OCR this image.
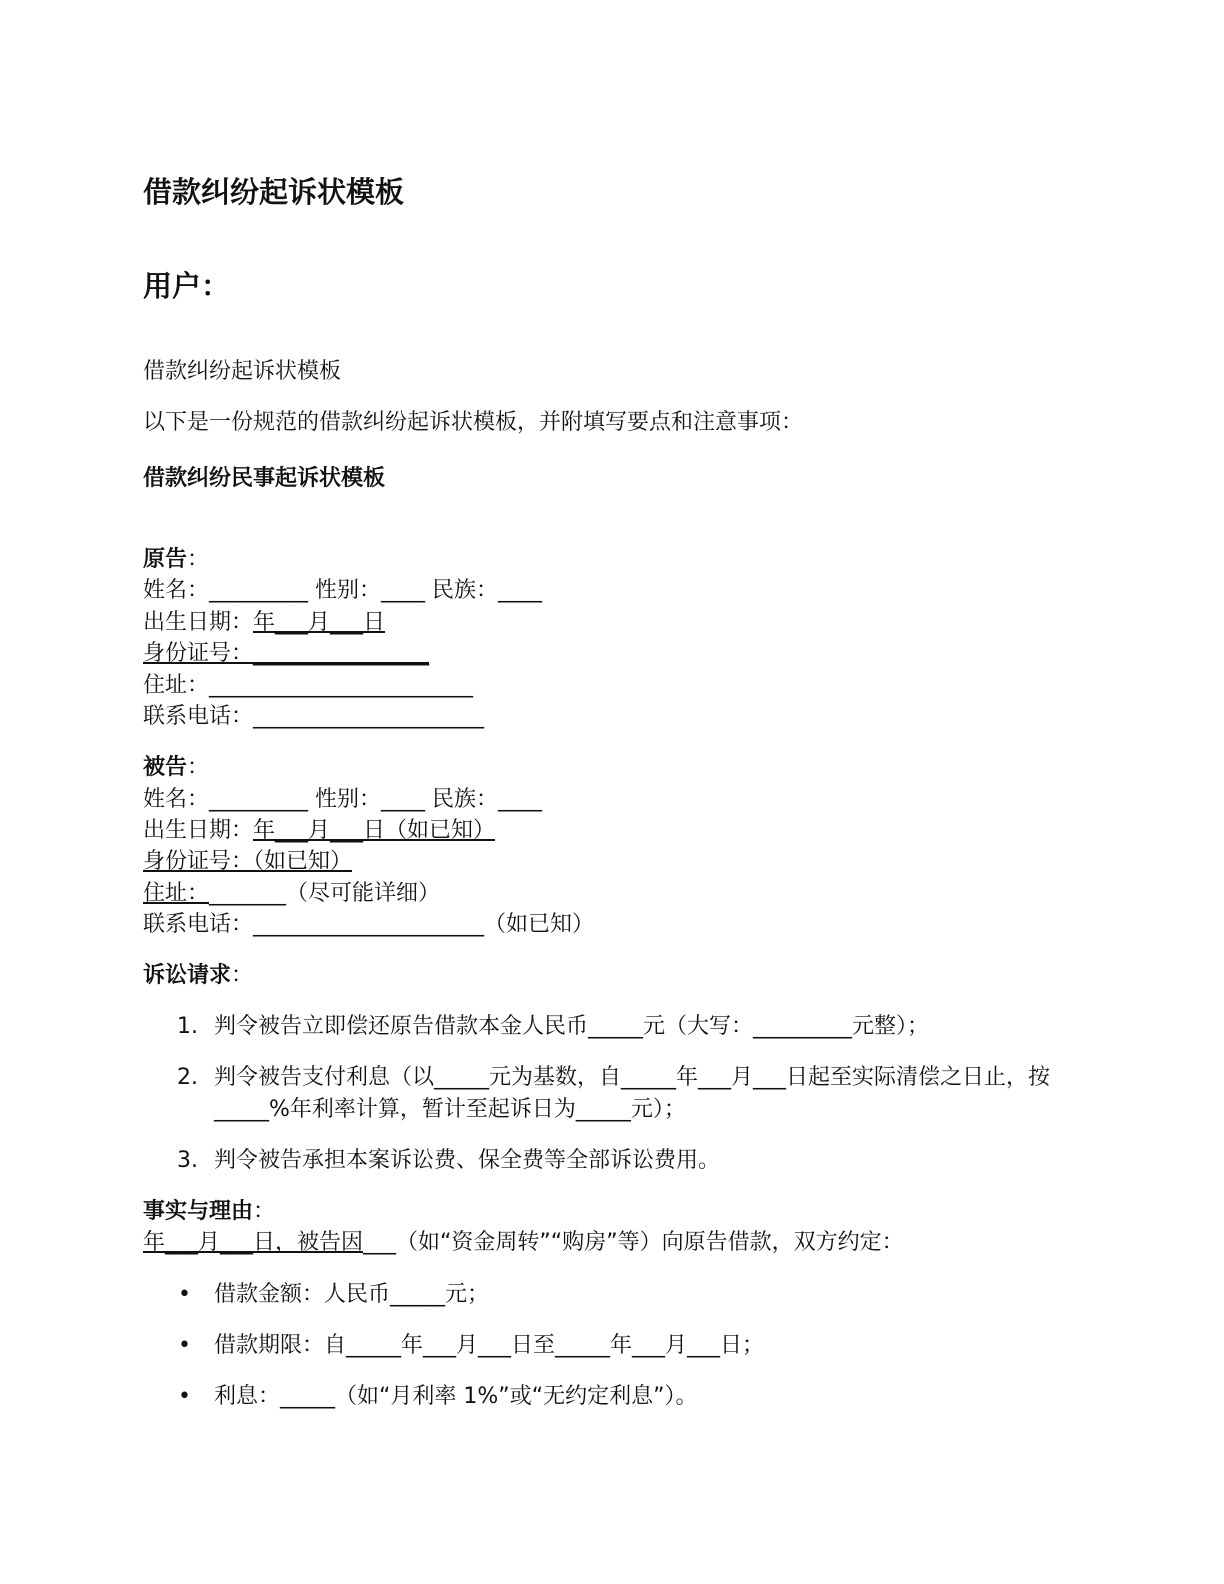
借款纠纷起诉状模板
用户：
借款纠纷起诉状模板
以下是一份规范的借款纠纷起诉状模板，并附填写要点和注意事项：
借款纠纷民事起诉状模板
原告：
姓名：_________ 性别：____ 民族：____
出生日期：年___月___日
身份证号：________________
住址：________________________
联系电话：_____________________
被告：
姓名：_________ 性别：____ 民族：____
出生日期：年___月___日（如已知）
身份证号：（如已知）
住址：_______（尽可能详细）
联系电话：_____________________（如已知）
诉讼请求：
1. 判令被告立即偿还原告借款本金人民币_____元（大写：_________元整）；
2. 判令被告支付利息（以_____元为基数，自_____年___月___日起至实际清偿之日止，按_____%年利率计算，暂计至起诉日为_____元）；
3. 判令被告承担本案诉讼费、保全费等全部诉讼费用。
事实与理由：
年___月___日，被告因___（如“资金周转”“购房”等）向原告借款，双方约定：
• 借款金额：人民币_____元；
• 借款期限：自_____年___月___日至_____年___月___日；
• 利息：_____（如“月利率 1%”或“无约定利息”）。
